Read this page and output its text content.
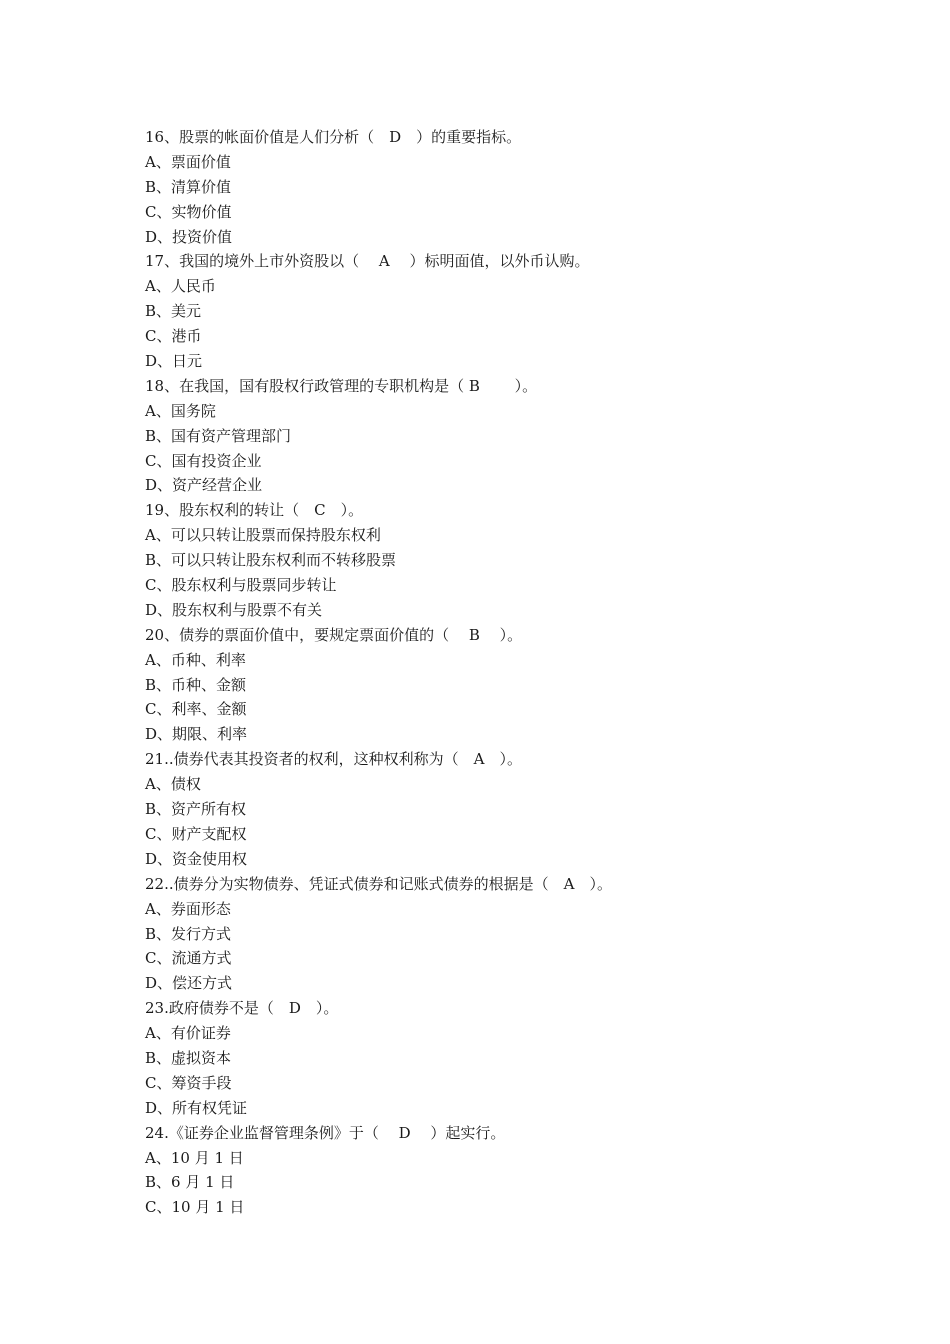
16、股票的帐面价值是人们分析（　D　）的重要指标。
A、票面价值
B、清算价值
C、实物价值
D、投资价值
17、我国的境外上市外资股以（　 A　 ）标明面值，以外币认购。
A、人民币
B、美元
C、港币
D、日元
18、在我国，国有股权行政管理的专职机构是（ B　　 ）。
A、国务院
B、国有资产管理部门
C、国有投资企业
D、资产经营企业
19、股东权利的转让（　C　）。
A、可以只转让股票而保持股东权利
B、可以只转让股东权利而不转移股票
C、股东权利与股票同步转让
D、股东权利与股票不有关
20、债券的票面价值中，要规定票面价值的（　 B　 ）。
A、币种、利率
B、币种、金额
C、利率、金额
D、期限、利率
21..债券代表其投资者的权利，这种权利称为（　A　）。
A、债权
B、资产所有权
C、财产支配权
D、资金使用权
22..债券分为实物债券、凭证式债券和记账式债券的根据是（　A　）。
A、券面形态
B、发行方式
C、流通方式
D、偿还方式
23.政府债券不是（　D　）。
A、有价证券
B、虚拟资本
C、筹资手段
D、所有权凭证
24.《证券企业监督管理条例》于（　 D　 ）起实行。
A、10 月 1 日
B、6 月 1 日
C、10 月 1 日
